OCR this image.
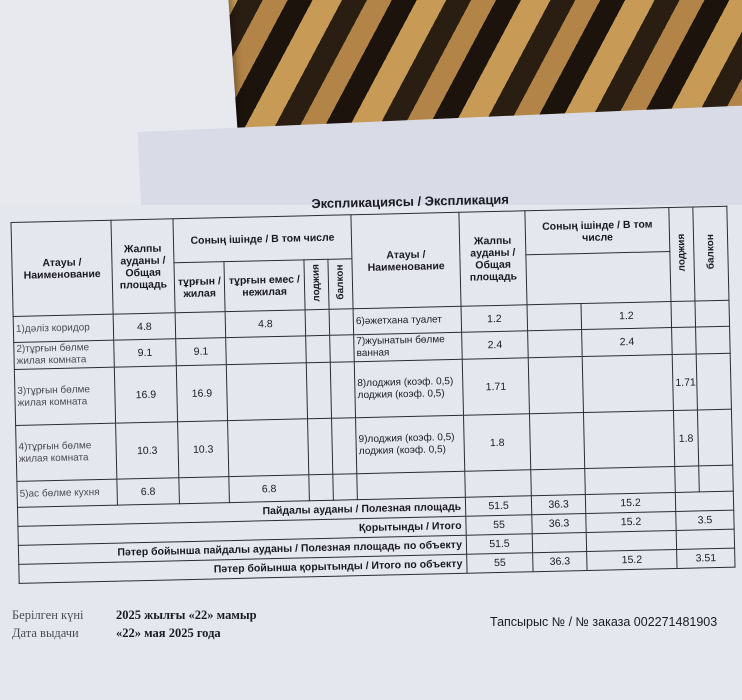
Экспликациясы / Экспликация
Атауы / Наименование	Жалпы ауданы / Общая площадь	Соның ішінде / В том числе				Атауы / Наименование	Жалпы ауданы / Общая площадь	Соның ішінде / В том числе		лоджия	балкон
		тұрғын / жилая	тұрғын емес / нежилая	лоджия	балкон						
1)дәліз коридор	4.8		4.8			6)әжетхана туалет	1.2		1.2		
2)тұрғын бөлме жилая комната	9.1	9.1				7)жуынатын бөлме ванная	2.4		2.4		
3)тұрғын бөлме жилая комната	16.9	16.9				8)лоджия (коэф. 0,5) лоджия (коэф. 0,5)	1.71			1.71	
4)тұрғын бөлме жилая комната	10.3	10.3				9)лоджия (коэф. 0,5) лоджия (коэф. 0,5)	1.8			1.8	
5)ас бөлме кухня	6.8		6.8								
Пайдалы ауданы / Полезная площадь							51.5	36.3	15.2		
Қорытынды / Итого							55	36.3	15.2	3.5	
Пәтер бойынша пайдалы ауданы / Полезная площадь по объекту							51.5				
Пәтер бойынша қорытынды / Итого по объекту							55	36.3	15.2	3.51	
Берілген күні	2025 жылғы «22» мамыр
Дата выдачи	«22» мая 2025 года
Тапсырыс № / № заказа 002271481903
